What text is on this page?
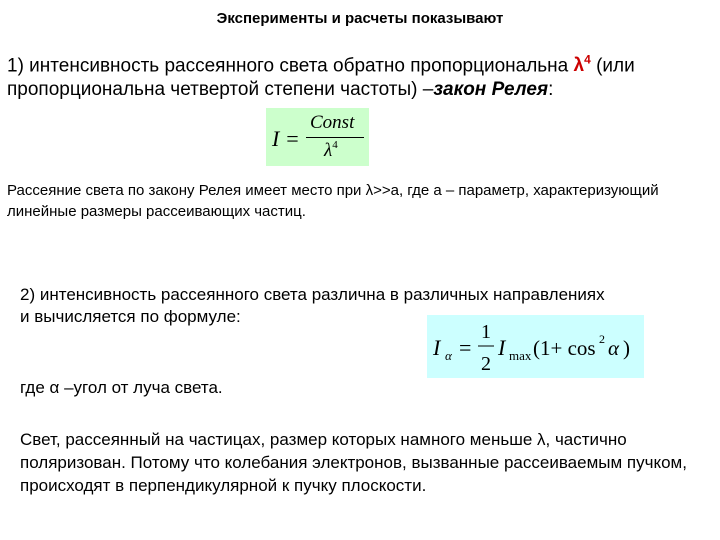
Эксперименты и расчеты показывают
1) интенсивность рассеянного света обратно пропорциональна $\lambda^4$ (или пропорциональна четвертой степени частоты) –закон Релея:
I =
Const
$\lambda^4$
Рассеяние света по закону Релея имеет место при λ>>a, где a – параметр, характеризующий линейные размеры рассеивающих частиц.
2) интенсивность рассеянного света различна в различных направлениях и вычисляется по формуле:
I α =
1
2
I max (1+ cos 2 α )
где α –угол от луча света.
Свет, рассеянный на частицах, размер которых намного меньше λ, частично поляризован. Потому что колебания электронов, вызванные рассеиваемым пучком, происходят в перпендикулярной к пучку плоскости.
